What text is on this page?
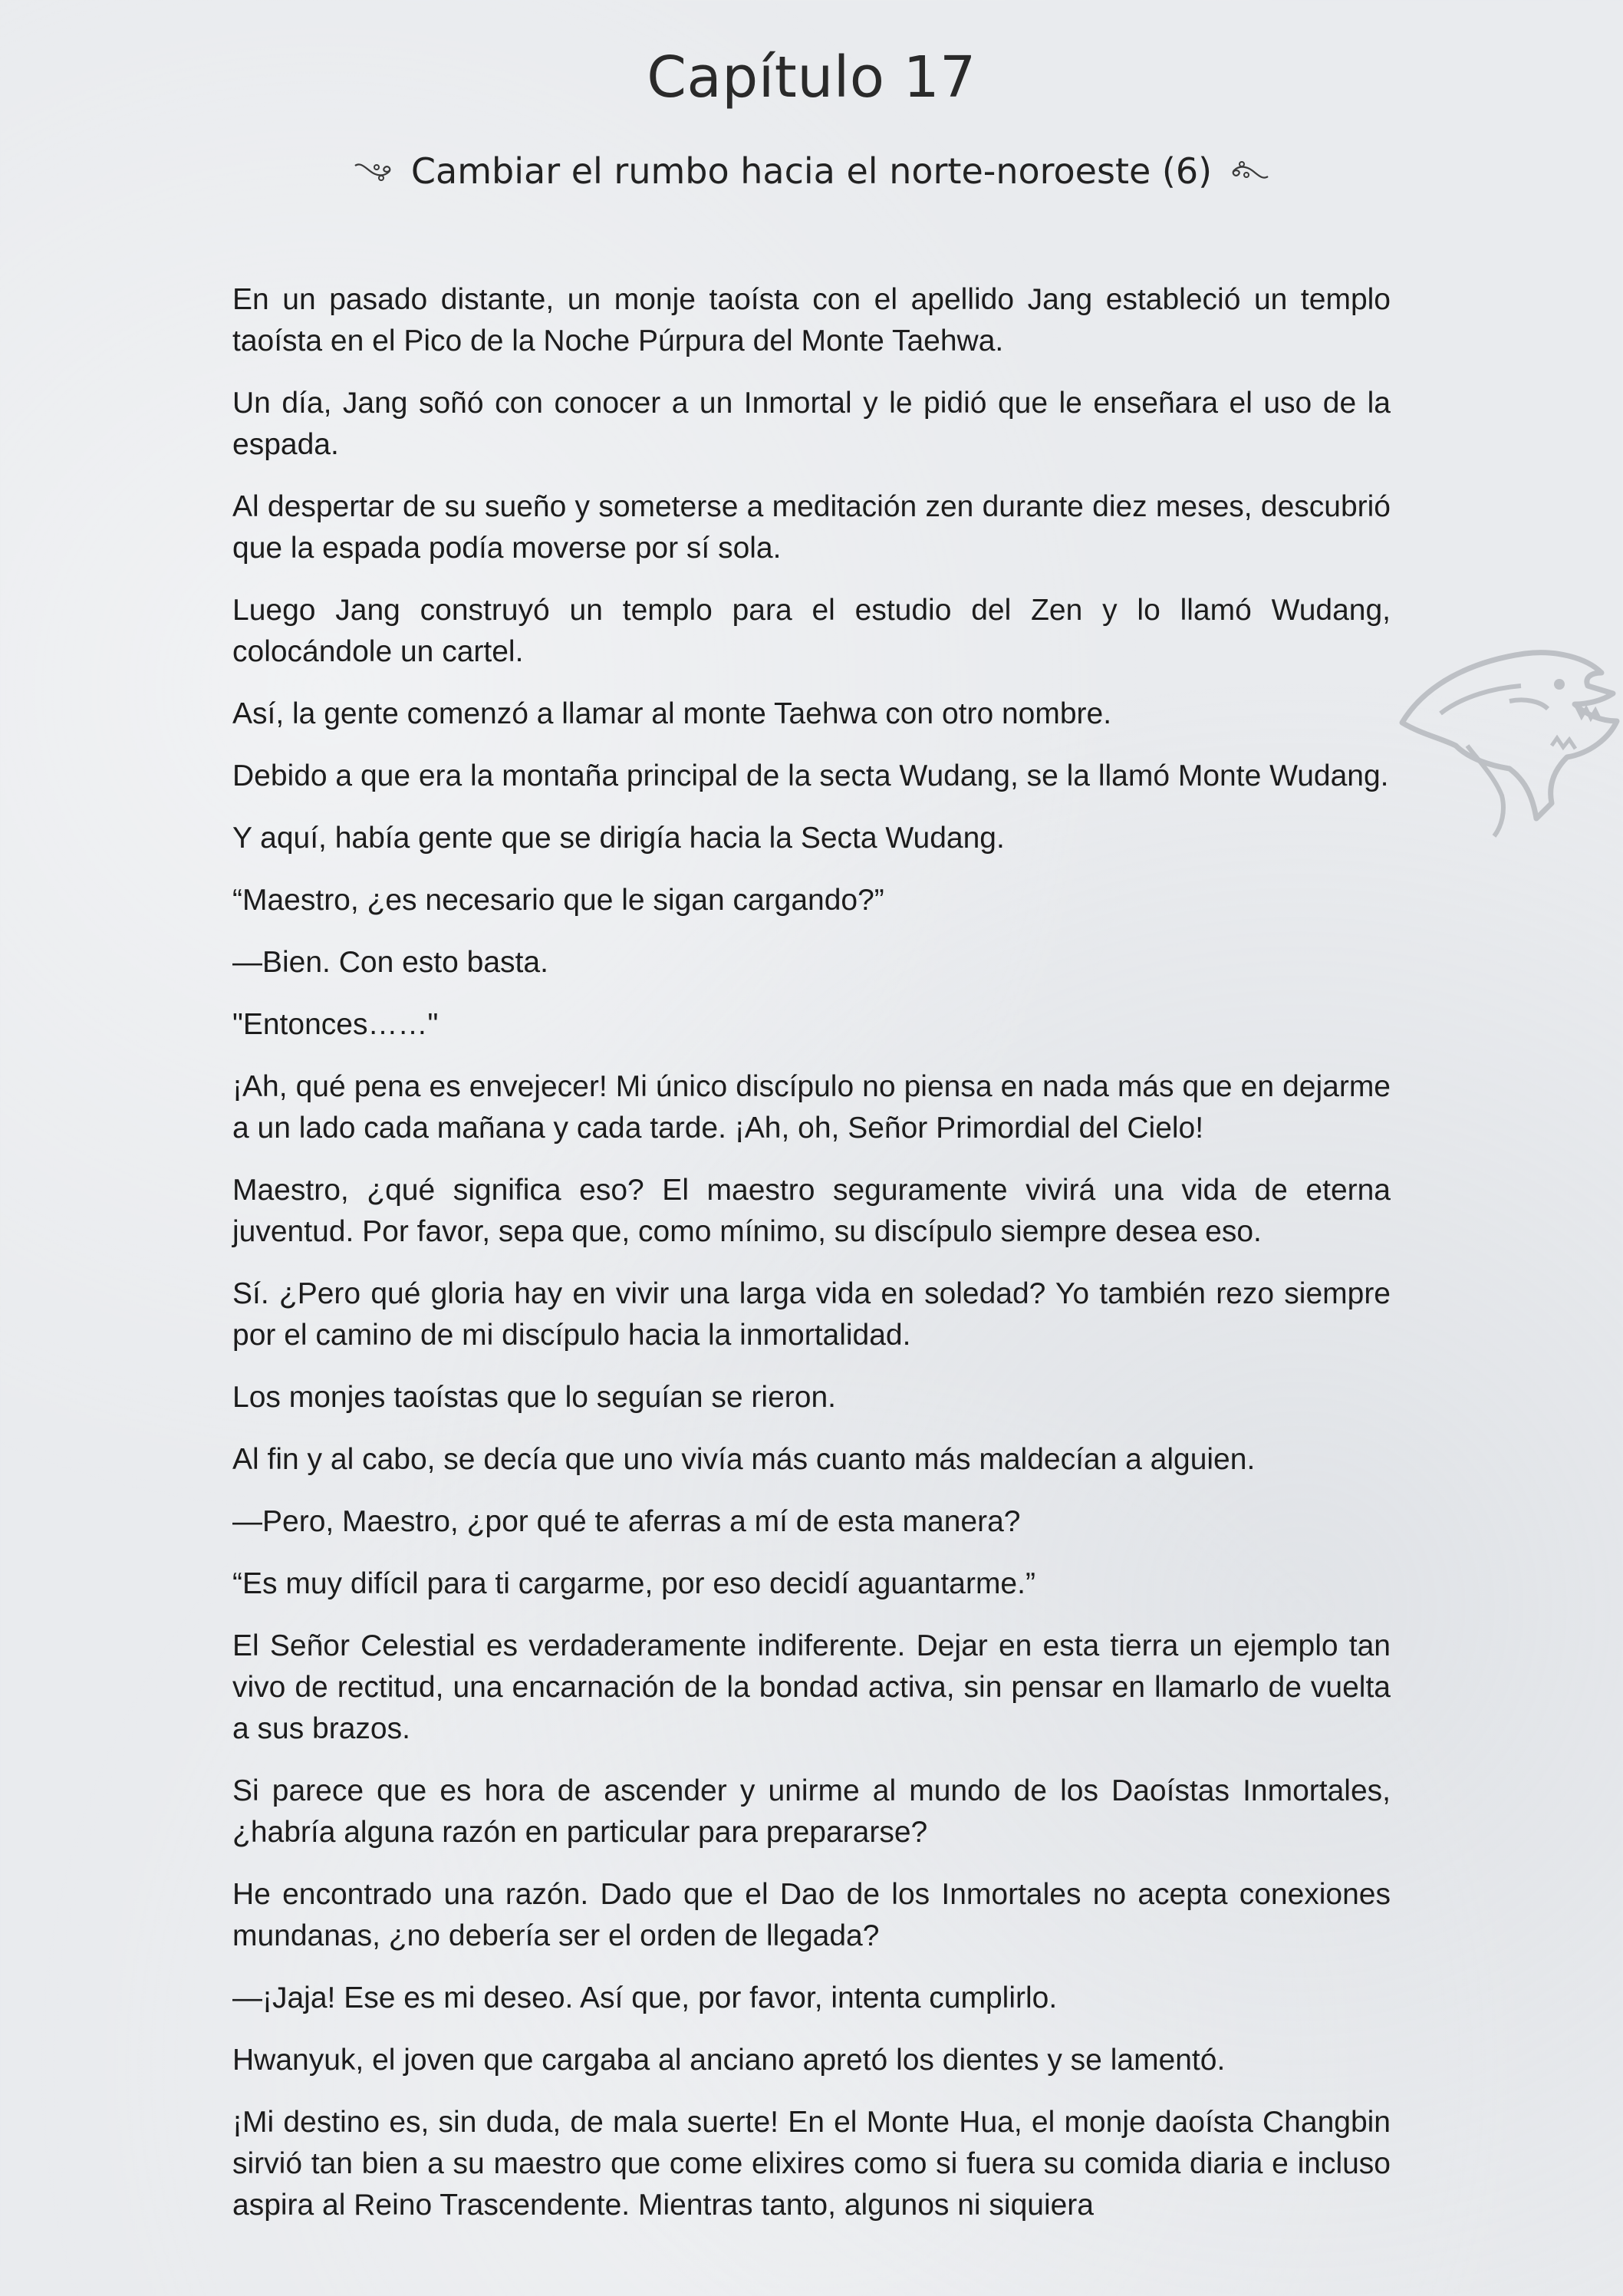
Capítulo 17
Cambiar el rumbo hacia el norte-noroeste (6)

En un pasado distante, un monje taoísta con el apellido Jang estableció un templo taoísta en el Pico de la Noche Púrpura del Monte Taehwa.

Un día, Jang soñó con conocer a un Inmortal y le pidió que le enseñara el uso de la espada.

Al despertar de su sueño y someterse a meditación zen durante diez meses, descubrió que la espada podía moverse por sí sola.

Luego Jang construyó un templo para el estudio del Zen y lo llamó Wudang, colocándole un cartel.

Así, la gente comenzó a llamar al monte Taehwa con otro nombre.

Debido a que era la montaña principal de la secta Wudang, se la llamó Monte Wudang.

Y aquí, había gente que se dirigía hacia la Secta Wudang.

“Maestro, ¿es necesario que le sigan cargando?”

—Bien. Con esto basta.

"Entonces……"

¡Ah, qué pena es envejecer! Mi único discípulo no piensa en nada más que en dejarme a un lado cada mañana y cada tarde. ¡Ah, oh, Señor Primordial del Cielo!

Maestro, ¿qué significa eso? El maestro seguramente vivirá una vida de eterna juventud. Por favor, sepa que, como mínimo, su discípulo siempre desea eso.

Sí. ¿Pero qué gloria hay en vivir una larga vida en soledad? Yo también rezo siempre por el camino de mi discípulo hacia la inmortalidad.

Los monjes taoístas que lo seguían se rieron.

Al fin y al cabo, se decía que uno vivía más cuanto más maldecían a alguien.

—Pero, Maestro, ¿por qué te aferras a mí de esta manera?

“Es muy difícil para ti cargarme, por eso decidí aguantarme.”

El Señor Celestial es verdaderamente indiferente. Dejar en esta tierra un ejemplo tan vivo de rectitud, una encarnación de la bondad activa, sin pensar en llamarlo de vuelta a sus brazos.

Si parece que es hora de ascender y unirme al mundo de los Daoístas Inmortales, ¿habría alguna razón en particular para prepararse?

He encontrado una razón. Dado que el Dao de los Inmortales no acepta conexiones mundanas, ¿no debería ser el orden de llegada?

—¡Jaja! Ese es mi deseo. Así que, por favor, intenta cumplirlo.

Hwanyuk, el joven que cargaba al anciano apretó los dientes y se lamentó.

¡Mi destino es, sin duda, de mala suerte! En el Monte Hua, el monje daoísta Changbin sirvió tan bien a su maestro que come elixires como si fuera su comida diaria e incluso aspira al Reino Trascendente. Mientras tanto, algunos ni siquiera
